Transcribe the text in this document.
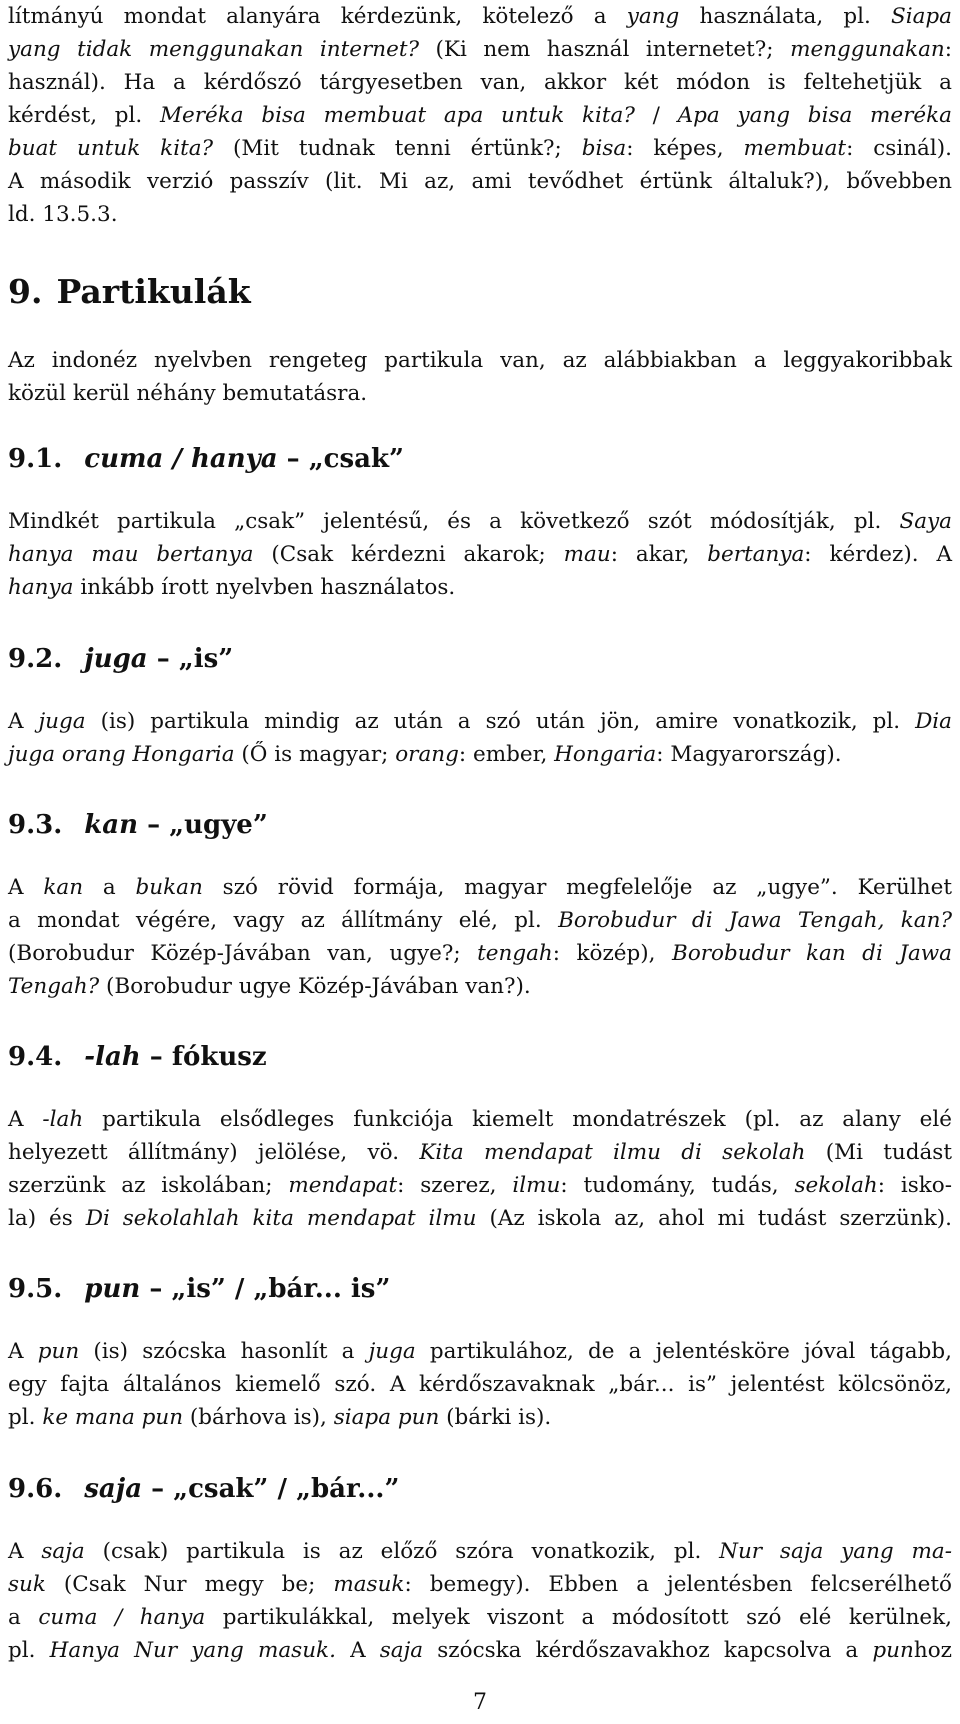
lítmányú mondat alanyára kérdezünk, kötelező a yang használata, pl. Siapa
yang tidak menggunakan internet? (Ki nem használ internetet?; menggunakan:
használ). Ha a kérdőszó tárgyesetben van, akkor két módon is feltehetjük a
kérdést, pl. Meréka bisa membuat apa untuk kita? / Apa yang bisa meréka
buat untuk kita? (Mit tudnak tenni értünk?; bisa: képes, membuat: csinál).
A második verzió passzív (lit. Mi az, ami tevődhet értünk általuk?), bővebben
ld. 13.5.3.
9. Partikulák
Az indonéz nyelvben rengeteg partikula van, az alábbiakban a leggyakoribbak
közül kerül néhány bemutatásra.
9.1. cuma / hanya – „csak”
Mindkét partikula „csak” jelentésű, és a következő szót módosítják, pl. Saya
hanya mau bertanya (Csak kérdezni akarok; mau: akar, bertanya: kérdez). A
hanya inkább írott nyelvben használatos.
9.2. juga – „is”
A juga (is) partikula mindig az után a szó után jön, amire vonatkozik, pl. Dia
juga orang Hongaria (Ő is magyar; orang: ember, Hongaria: Magyarország).
9.3. kan – „ugye”
A kan a bukan szó rövid formája, magyar megfelelője az „ugye”. Kerülhet
a mondat végére, vagy az állítmány elé, pl. Borobudur di Jawa Tengah, kan?
(Borobudur Közép-Jávában van, ugye?; tengah: közép), Borobudur kan di Jawa
Tengah? (Borobudur ugye Közép-Jávában van?).
9.4. -lah – fókusz
A -lah partikula elsődleges funkciója kiemelt mondatrészek (pl. az alany elé
helyezett állítmány) jelölése, vö. Kita mendapat ilmu di sekolah (Mi tudást
szerzünk az iskolában; mendapat: szerez, ilmu: tudomány, tudás, sekolah: isko-
la) és Di sekolahlah kita mendapat ilmu (Az iskola az, ahol mi tudást szerzünk).
9.5. pun – „is” / „bár... is”
A pun (is) szócska hasonlít a juga partikulához, de a jelentésköre jóval tágabb,
egy fajta általános kiemelő szó. A kérdőszavaknak „bár... is” jelentést kölcsönöz,
pl. ke mana pun (bárhova is), siapa pun (bárki is).
9.6. saja – „csak” / „bár...”
A saja (csak) partikula is az előző szóra vonatkozik, pl. Nur saja yang ma-
suk (Csak Nur megy be; masuk: bemegy). Ebben a jelentésben felcserélhető
a cuma / hanya partikulákkal, melyek viszont a módosított szó elé kerülnek,
pl. Hanya Nur yang masuk. A saja szócska kérdőszavakhoz kapcsolva a punhoz
7
